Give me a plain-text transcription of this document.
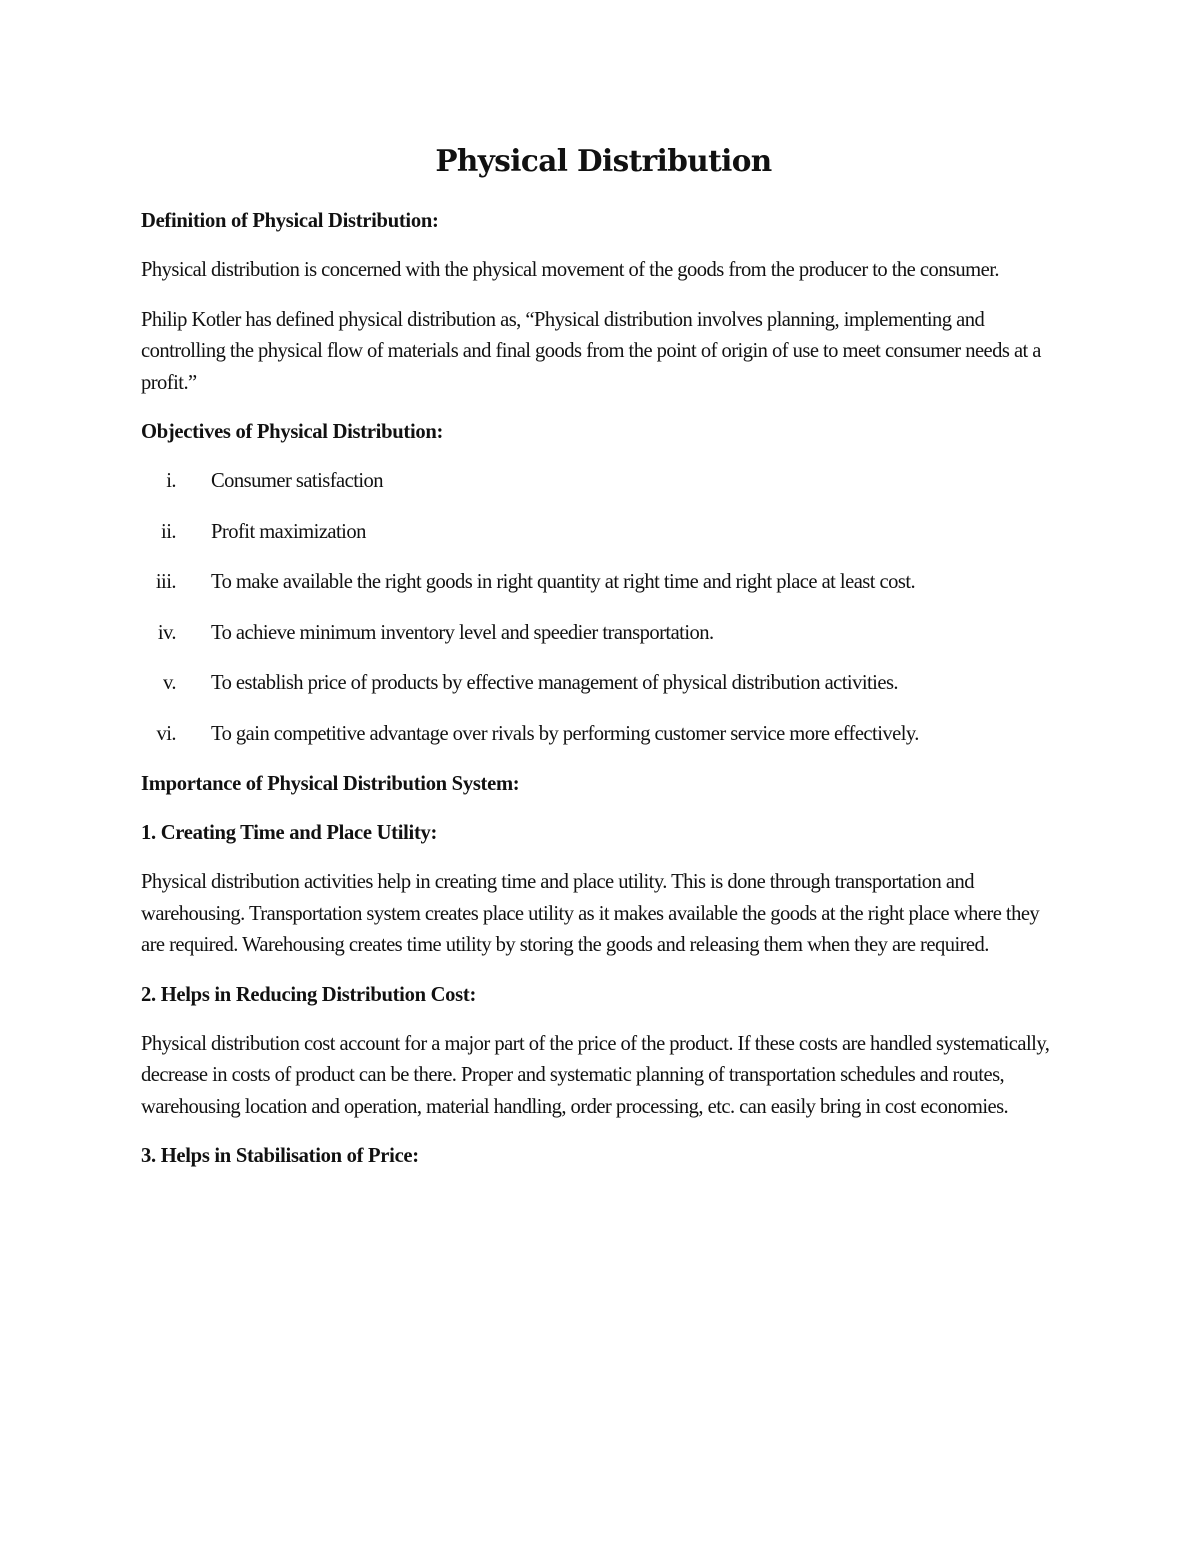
Physical Distribution
Definition of Physical Distribution:

Physical distribution is concerned with the physical movement of the goods from the producer to the consumer.

Philip Kotler has defined physical distribution as, “Physical distribution involves planning, implementing and controlling the physical flow of materials and final goods from the point of origin of use to meet consumer needs at a profit.”

Objectives of Physical Distribution:
i. Consumer satisfaction
ii. Profit maximization
iii. To make available the right goods in right quantity at right time and right place at least cost.
iv. To achieve minimum inventory level and speedier transportation.
v. To establish price of products by effective management of physical distribution activities.
vi. To gain competitive advantage over rivals by performing customer service more effectively.
Importance of Physical Distribution System:
1. Creating Time and Place Utility:

Physical distribution activities help in creating time and place utility. This is done through transportation and warehousing. Transportation system creates place utility as it makes available the goods at the right place where they are required. Warehousing creates time utility by storing the goods and releasing them when they are required.

2. Helps in Reducing Distribution Cost:

Physical distribution cost account for a major part of the price of the product. If these costs are handled systematically, decrease in costs of product can be there. Proper and systematic planning of transportation schedules and routes, warehousing location and operation, material handling, order processing, etc. can easily bring in cost economies.

3. Helps in Stabilisation of Price:
